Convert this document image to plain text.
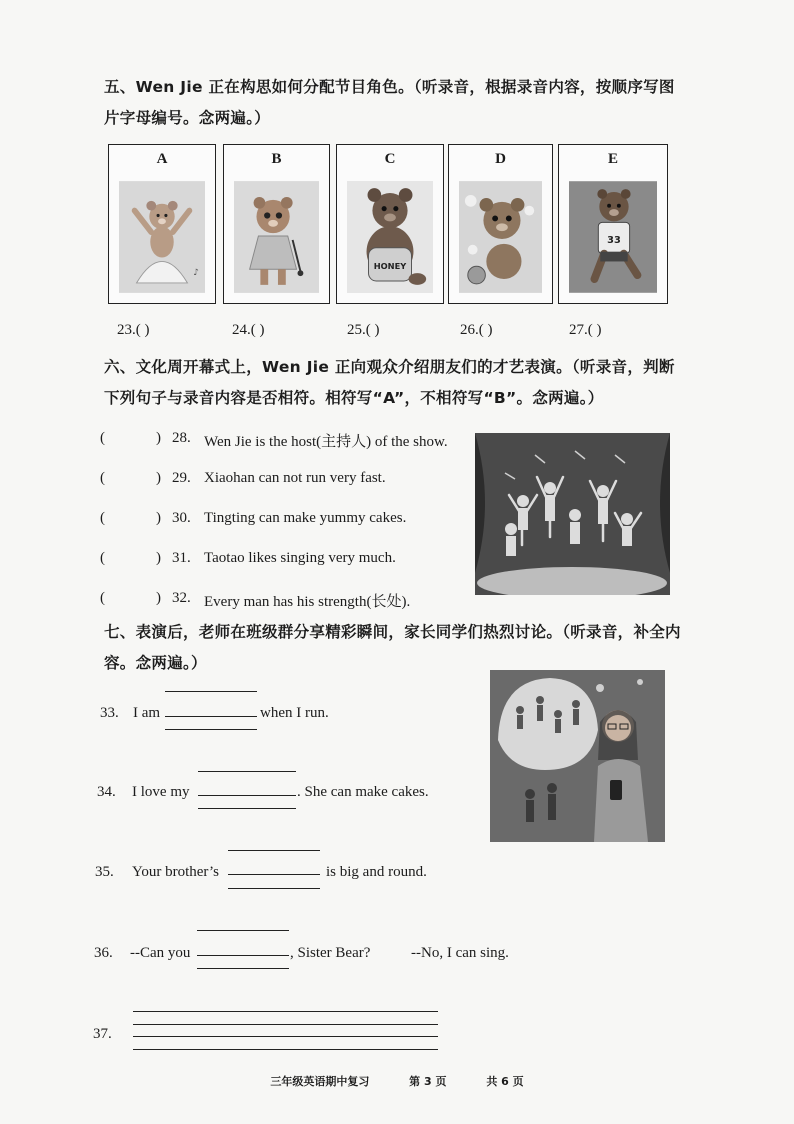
五、Wen Jie 正在构思如何分配节目角色。（听录音，根据录音内容，按顺序写图片字母编号。念两遍。）
A
♪
B	C
HONEY
D	E
33
23.( )	24.( )	25.( )	26.( )	27.( )
六、文化周开幕式上，Wen Jie 正向观众介绍朋友们的才艺表演。（听录音，判断下列句子与录音内容是否相符。相符写“A”，不相符写“B”。念两遍。）
(	) 28. Wen Jie is the host(主持人) of the show.
(	) 29. Xiaohan can not run very fast.
(	) 30. Tingting can make yummy cakes.
(	) 31. Taotao likes singing very much.
(	) 32. Every man has his strength(长处).
七、表演后，老师在班级群分享精彩瞬间，家长同学们热烈讨论。（听录音，补全内容。念两遍。）
33. I am	when I run.
34. I love my	. She can make cakes.
35. Your brother’s	is big and round.
36. --Can you	, Sister Bear?	--No, I can sing.
37.
三年级英语期中复习	第 3 页	共 6 页
